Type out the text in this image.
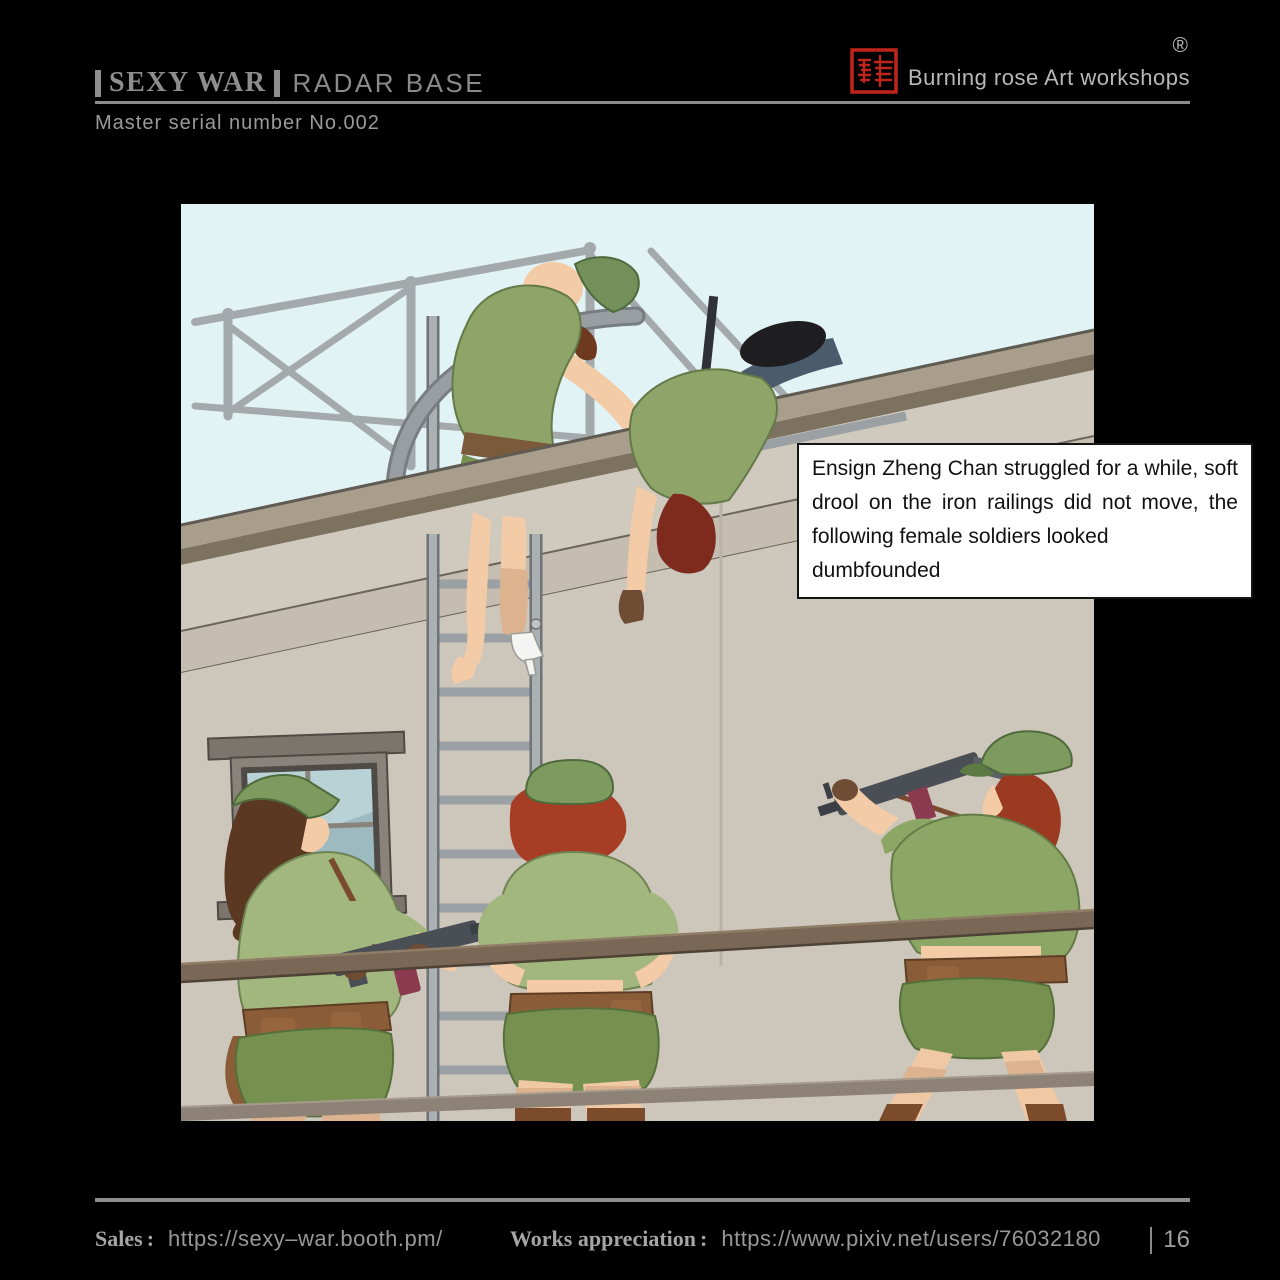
SEXY WAR	RADAR BASE
Master serial number No.002
®
Burning rose Art workshops
Ensign Zheng Chan struggled for a while, soft
drool on the iron railings did not move, the
following female soldiers looked dumbfounded
Sales : https://sexy–war.booth.pm/	Works appreciation : https://www.pixiv.net/users/76032180	16
